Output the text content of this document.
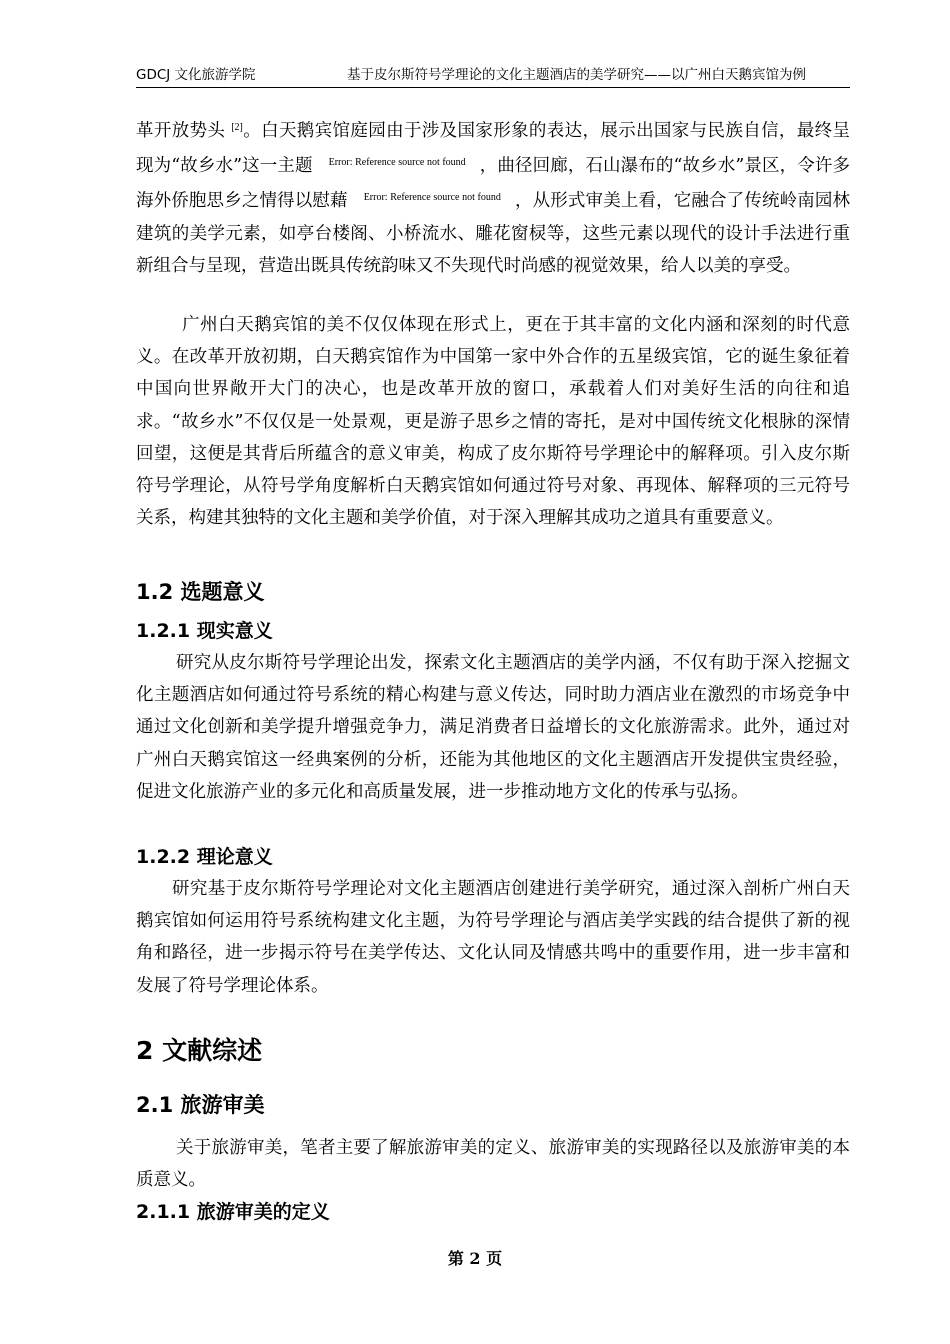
GDCJ 文化旅游学院	基于皮尔斯符号学理论的文化主题酒店的美学研究——以广州白天鹅宾馆为例

革开放势头 [2]。白天鹅宾馆庭园由于涉及国家形象的表达，展示出国家与民族自信，最终呈现为“故乡水”这一主题 $^{Error: Reference source not found}$ ，曲径回廊，石山瀑布的“故乡水”景区，令许多海外侨胞思乡之情得以慰藉 $^{Error: Reference source not found}$ ，从形式审美上看，它融合了传统岭南园林建筑的美学元素，如亭台楼阁、小桥流水、雕花窗棂等，这些元素以现代的设计手法进行重新组合与呈现，营造出既具传统韵味又不失现代时尚感的视觉效果，给人以美的享受。

广州白天鹅宾馆的美不仅仅体现在形式上，更在于其丰富的文化内涵和深刻的时代意义。在改革开放初期，白天鹅宾馆作为中国第一家中外合作的五星级宾馆，它的诞生象征着中国向世界敞开大门的决心，也是改革开放的窗口，承载着人们对美好生活的向往和追求。“故乡水”不仅仅是一处景观，更是游子思乡之情的寄托，是对中国传统文化根脉的深情回望，这便是其背后所蕴含的意义审美，构成了皮尔斯符号学理论中的解释项。引入皮尔斯符号学理论，从符号学角度解析白天鹅宾馆如何通过符号对象、再现体、解释项的三元符号关系，构建其独特的文化主题和美学价值，对于深入理解其成功之道具有重要意义。

1.2 选题意义
1.2.1 现实意义

研究从皮尔斯符号学理论出发，探索文化主题酒店的美学内涵，不仅有助于深入挖掘文化主题酒店如何通过符号系统的精心构建与意义传达，同时助力酒店业在激烈的市场竞争中通过文化创新和美学提升增强竞争力，满足消费者日益增长的文化旅游需求。此外，通过对广州白天鹅宾馆这一经典案例的分析，还能为其他地区的文化主题酒店开发提供宝贵经验，促进文化旅游产业的多元化和高质量发展，进一步推动地方文化的传承与弘扬。

1.2.2 理论意义

研究基于皮尔斯符号学理论对文化主题酒店创建进行美学研究，通过深入剖析广州白天鹅宾馆如何运用符号系统构建文化主题，为符号学理论与酒店美学实践的结合提供了新的视角和路径，进一步揭示符号在美学传达、文化认同及情感共鸣中的重要作用，进一步丰富和发展了符号学理论体系。

2 文献综述
2.1 旅游审美

关于旅游审美，笔者主要了解旅游审美的定义、旅游审美的实现路径以及旅游审美的本质意义。

2.1.1 旅游审美的定义
第 2 页
